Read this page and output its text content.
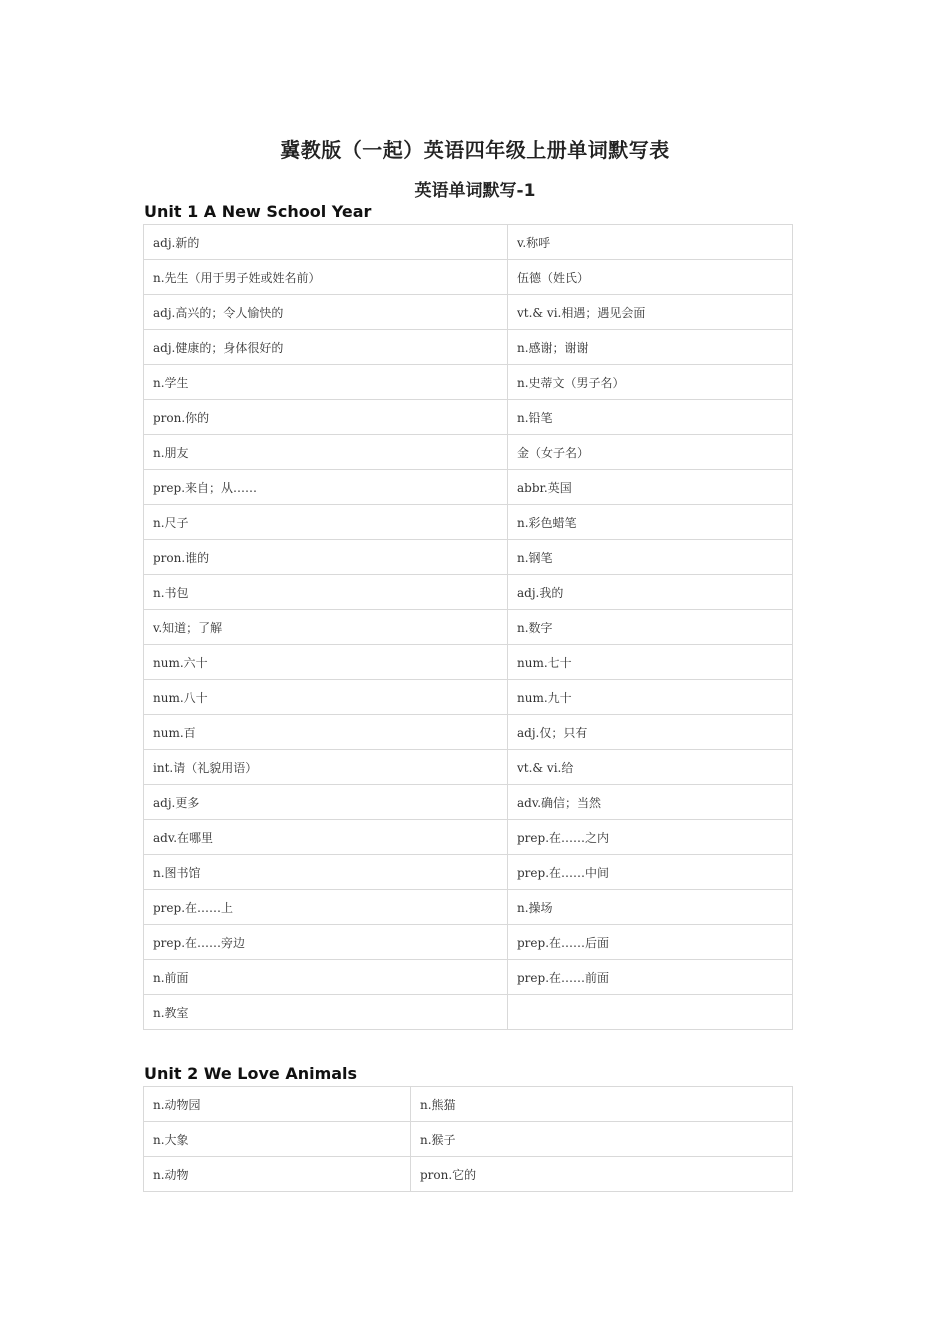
冀教版（一起）英语四年级上册单词默写表
英语单词默写-1
Unit 1 A New School Year
adj.新的	v.称呼
n.先生（用于男子姓或姓名前）	伍德（姓氏）
adj.高兴的；令人愉快的	vt.& vi.相遇；遇见会面
adj.健康的；身体很好的	n.感谢；谢谢
n.学生	n.史蒂文（男子名）
pron.你的	n.铅笔
n.朋友	金（女子名）
prep.来自；从……	abbr.英国
n.尺子	n.彩色蜡笔
pron.谁的	n.钢笔
n.书包	adj.我的
v.知道；了解	n.数字
num.六十	num.七十
num.八十	num.九十
num.百	adj.仅；只有
int.请（礼貌用语）	vt.& vi.给
adj.更多	adv.确信；当然
adv.在哪里	prep.在……之内
n.图书馆	prep.在……中间
prep.在……上	n.操场
prep.在……旁边	prep.在……后面
n.前面	prep.在……前面
n.教室	
Unit 2 We Love Animals
n.动物园	n.熊猫
n.大象	n.猴子
n.动物	pron.它的
